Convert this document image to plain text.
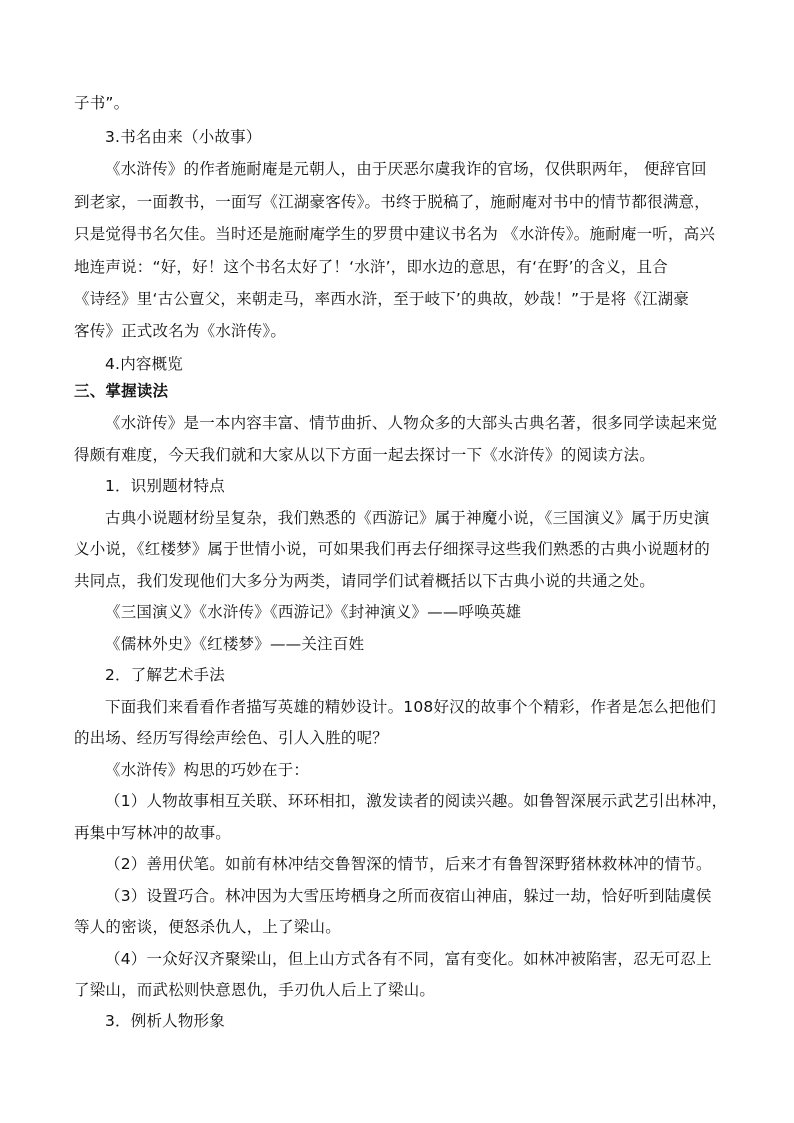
子书”。
3.书名由来（小故事）
《水浒传》的作者施耐庵是元朝人，由于厌恶尔虞我诈的官场，仅供职两年， 便辞官回
到老家，一面教书，一面写《江湖豪客传》。书终于脱稿了，施耐庵对书中的情节都很满意，
只是觉得书名欠佳。当时还是施耐庵学生的罗贯中建议书名为 《水浒传》。施耐庵一听，高兴
地连声说：“好，好！这个书名太好了！‘水浒’，即水边的意思，有‘在野’的含义，且合
《诗经》里‘古公亶父，来朝走马，率西水浒，至于岐下’的典故，妙哉！”于是将《江湖豪
客传》正式改名为《水浒传》。
4.内容概览
三、掌握读法
《水浒传》是一本内容丰富、情节曲折、人物众多的大部头古典名著，很多同学读起来觉
得颇有难度，今天我们就和大家从以下方面一起去探讨一下《水浒传》的阅读方法。
1．识别题材特点
古典小说题材纷呈复杂，我们熟悉的《西游记》属于神魔小说，《三国演义》属于历史演
义小说，《红楼梦》属于世情小说，可如果我们再去仔细探寻这些我们熟悉的古典小说题材的
共同点，我们发现他们大多分为两类，请同学们试着概括以下古典小说的共通之处。
《三国演义》《水浒传》《西游记》《封神演义》——呼唤英雄
《儒林外史》《红楼梦》——关注百姓
2．了解艺术手法
下面我们来看看作者描写英雄的精妙设计。108好汉的故事个个精彩，作者是怎么把他们
的出场、经历写得绘声绘色、引人入胜的呢？
《水浒传》构思的巧妙在于：
（1）人物故事相互关联、环环相扣，激发读者的阅读兴趣。如鲁智深展示武艺引出林冲，
再集中写林冲的故事。
（2）善用伏笔。如前有林冲结交鲁智深的情节，后来才有鲁智深野猪林救林冲的情节。
（3）设置巧合。林冲因为大雪压垮栖身之所而夜宿山神庙，躲过一劫，恰好听到陆虞侯
等人的密谈，便怒杀仇人，上了梁山。
（4）一众好汉齐聚梁山，但上山方式各有不同，富有变化。如林冲被陷害，忍无可忍上
了梁山，而武松则快意恩仇，手刃仇人后上了梁山。
3．例析人物形象
